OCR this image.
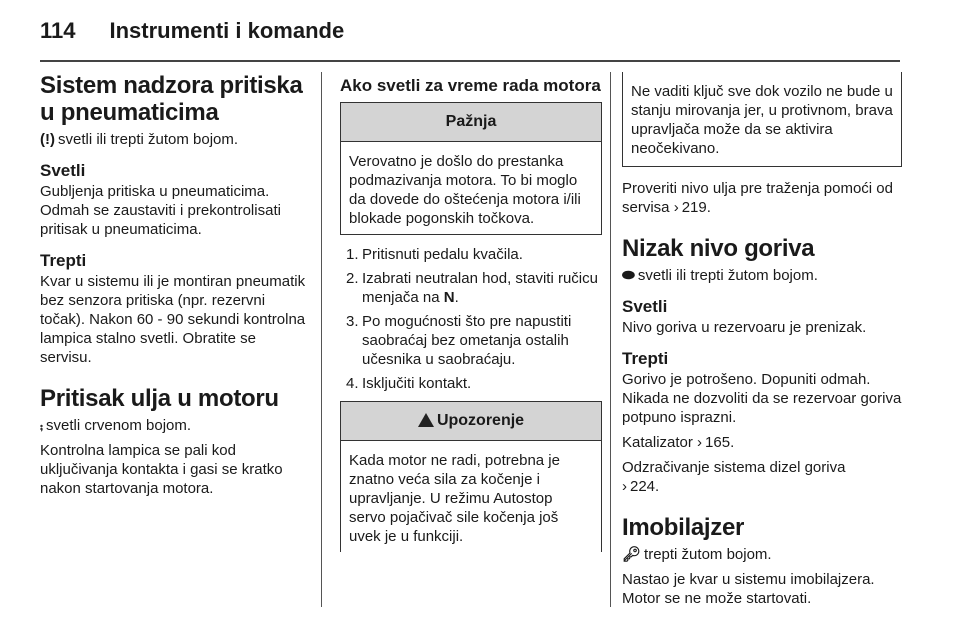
114 Instrumenti i komande
Sistem nadzora pritiska u pneumaticima

(!) svetli ili trepti žutom bojom.

Svetli

Gubljenja pritiska u pneumaticima. Odmah se zaustaviti i prekontrolisati pritisak u pneumaticima.

Trepti

Kvar u sistemu ili je montiran pneumatik bez senzora pritiska (npr. rezervni točak). Nakon 60 - 90 sekundi kontrolna lampica stalno svetli. Obratite se servisu.

Pritisak ulja u motoru

⨾ svetli crvenom bojom.

Kontrolna lampica se pali kod uključivanja kontakta i gasi se kratko nakon startovanja motora.

Ako svetli za vreme rada motora
Pažnja
Verovatno je došlo do prestanka podmazivanja motora. To bi moglo da dovede do oštećenja motora i/ili blokade pogonskih točkova.
1. Pritisnuti pedalu kvačila.
2. Izabrati neutralan hod, staviti ručicu menjača na N.
3. Po mogućnosti što pre napustiti saobraćaj bez ometanja ostalih učesnika u saobraćaju.
4. Isključiti kontakt.
Upozorenje
Kada motor ne radi, potrebna je znatno veća sila za kočenje i upravljanje. U režimu Autostop servo pojačivač sile kočenja još uvek je u funkciji.
Ne vaditi ključ sve dok vozilo ne bude u stanju mirovanja jer, u protivnom, brava upravljača može da se aktivira neočekivano.

Proveriti nivo ulja pre traženja pomoći od servisa › 219.

Nizak nivo goriva

⬬ svetli ili trepti žutom bojom.

Svetli

Nivo goriva u rezervoaru je prenizak.

Trepti

Gorivo je potrošeno. Dopuniti odmah. Nikada ne dozvoliti da se rezervoar goriva potpuno isprazni.

Katalizator › 165.

Odzračivanje sistema dizel goriva
› 224.

Imobilajzer

🔑︎ trepti žutom bojom.

Nastao je kvar u sistemu imobilajzera. Motor se ne može startovati.
